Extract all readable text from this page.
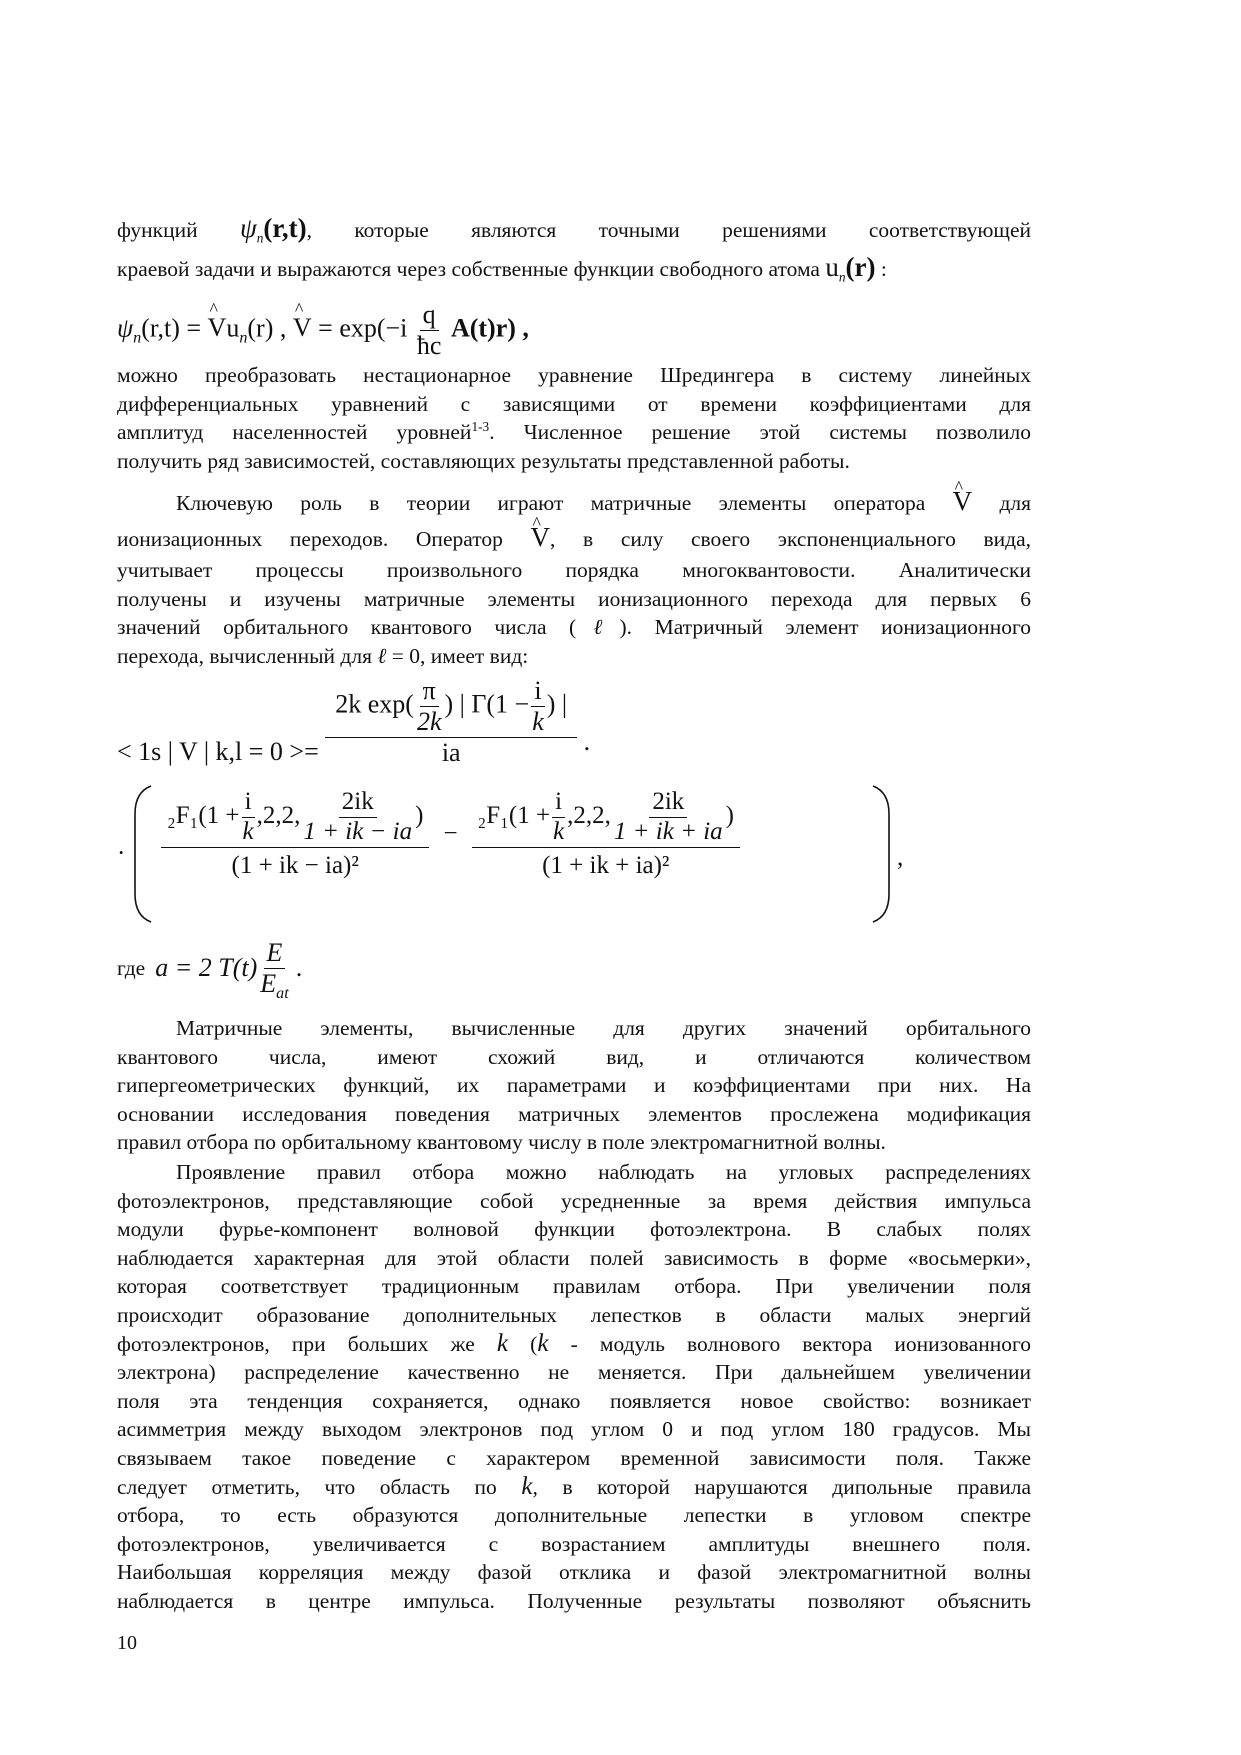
функций $\psi_n(r,t)$, которые являются точными решениями соответствующей
краевой задачи и выражаются через собственные функции свободного атома $u_n(r)$ :
$\psi_n(r,t)$ = ^ $Vu_n(r)$ , ^ $V = \exp(-i \frac{q}{ħc} A(t)r)$ ,
можно преобразовать нестационарное уравнение Шредингера в систему линейных
дифференциальных уравнений с зависящими от времени коэффициентами для
амплитуд населенностей уровней$^{1-3}$. Численное решение этой системы позволило
получить ряд зависимостей, составляющих результаты представленной работы.
Ключевую роль в теории играют матричные элементы оператора ^ V для
ионизационных переходов. Оператор ^ V, в силу своего экспоненциального вида,
учитывает процессы произвольного порядка многоквантовости. Аналитически
получены и изучены матричные элементы ионизационного перехода для первых 6
значений орбитального квантового числа (ℓ). Матричный элемент ионизационного
перехода, вычисленный для ℓ = 0, имеет вид:
< 1s | V | $k,l = 0 >= \frac{2k \exp( \frac{\pi}{2k} ) | \Gamma(1 - \frac{i}{k} ) |}{ia}$ .
·
$_2F_1(1 + \frac{i}{k} ,2,2$, $\frac{2ik}{1 + ik - ia}$ )
(1 + ik − ia)²
− $\frac{_2F_1(1 + \frac{i}{k} ,2,2, \frac{2ik}{1 + ik + ia} )}{\text{(1 + ik + ia)²}}$	,
где a = 2 T(t)
E
$E_{at}$
.
Матричные элементы, вычисленные для других значений орбитального
квантового числа, имеют схожий вид, и отличаются количеством
гипергеометрических функций, их параметрами и коэффициентами при них. На
основании исследования поведения матричных элементов прослежена модификация
правил отбора по орбитальному квантовому числу в поле электромагнитной волны.
Проявление правил отбора можно наблюдать на угловых распределениях
фотоэлектронов, представляющие собой усредненные за время действия импульса
модули фурье-компонент волновой функции фотоэлектрона. В слабых полях
наблюдается характерная для этой области полей зависимость в форме «восьмерки»,
которая соответствует традиционным правилам отбора. При увеличении поля
происходит образование дополнительных лепестков в области малых энергий
фотоэлектронов, при больших же k (k - модуль волнового вектора ионизованного
электрона) распределение качественно не меняется. При дальнейшем увеличении
поля эта тенденция сохраняется, однако появляется новое свойство: возникает
асимметрия между выходом электронов под углом 0 и под углом 180 градусов. Мы
связываем такое поведение с характером временной зависимости поля. Также
следует отметить, что область по k, в которой нарушаются дипольные правила
отбора, то есть образуются дополнительные лепестки в угловом спектре
фотоэлектронов, увеличивается с возрастанием амплитуды внешнего поля.
Наибольшая корреляция между фазой отклика и фазой электромагнитной волны
наблюдается в центре импульса. Полученные результаты позволяют объяснить
10
